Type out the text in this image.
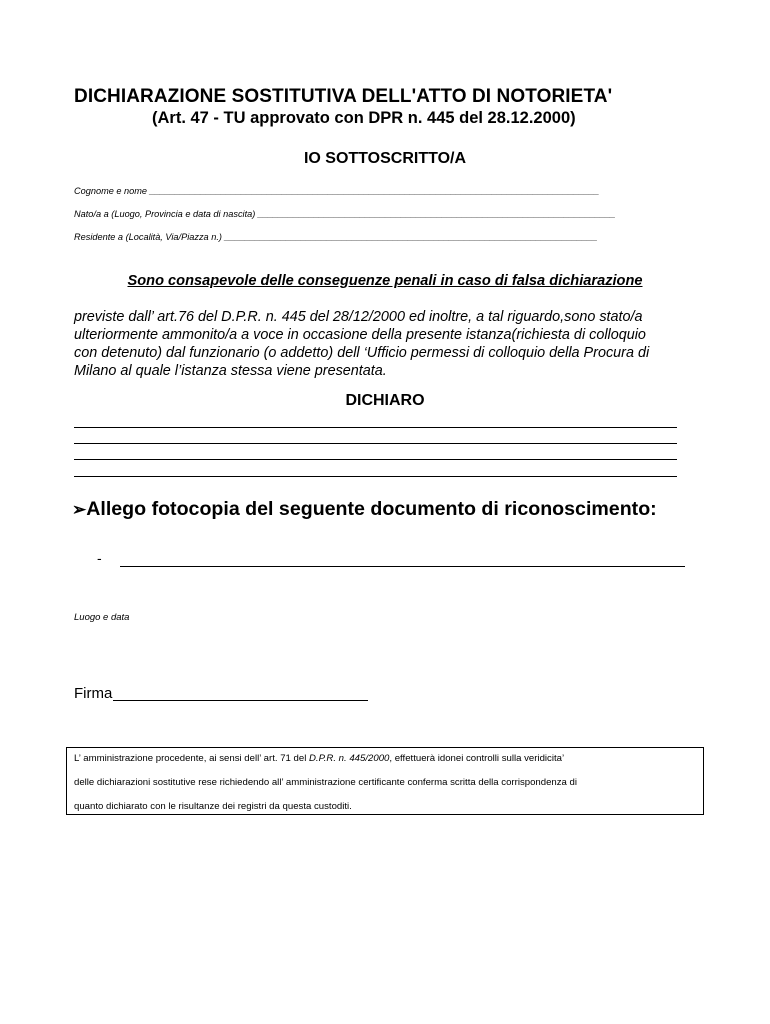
DICHIARAZIONE SOSTITUTIVA DELL'ATTO DI NOTORIETA'
(Art. 47 - TU approvato con DPR n. 445 del 28.12.2000)
IO SOTTOSCRITTO/A
Cognome e nome ________________________________________________________________________________________
Nato/a a (Luogo, Provincia e data di nascita) ______________________________________________________________________
Residente a (Località, Via/Piazza n.) _________________________________________________________________________
Sono consapevole delle conseguenze penali in caso di falsa dichiarazione
previste dall’ art.76 del D.P.R. n. 445 del 28/12/2000 ed inoltre, a tal riguardo,sono stato/a
ulteriormente ammonito/a a voce in occasione della presente istanza(richiesta di colloquio
con detenuto) dal funzionario (o addetto) dell ‘Ufficio permessi di colloquio della Procura di
Milano al quale l’istanza stessa viene presentata.
DICHIARO
➢Allego fotocopia del seguente documento di riconoscimento:
-
Luogo e data
Firma
L’ amministrazione procedente, ai sensi dell’ art. 71 del D.P.R. n. 445/2000, effettuerà idonei controlli sulla veridicita’
delle dichiarazioni sostitutive rese richiedendo all’ amministrazione certificante conferma scritta della corrispondenza di
quanto dichiarato con le risultanze dei registri da questa custoditi.
